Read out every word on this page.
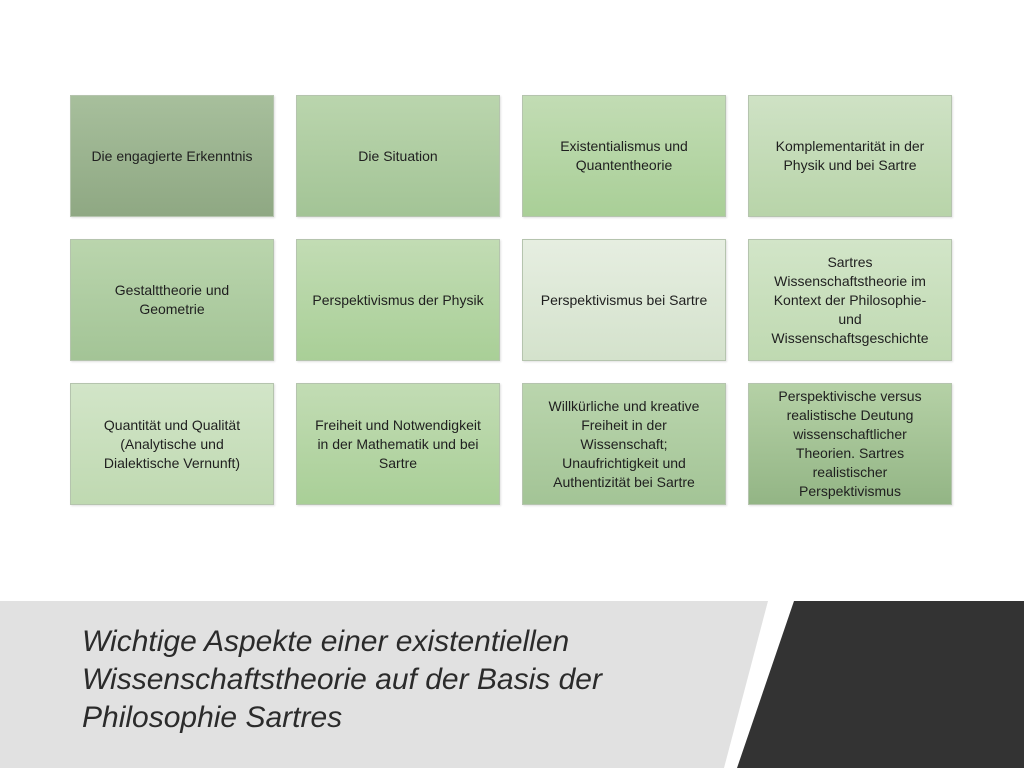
Die engagierte Erkenntnis	Die Situation
Existentialismus und
Quantentheorie
Komplementarität in der
Physik und bei Sartre
Gestalttheorie und
Geometrie
Perspektivismus der Physik	Perspektivismus bei Sartre
Sartres
Wissenschaftstheorie im
Kontext der Philosophie-
und
Wissenschaftsgeschichte
Quantität und Qualität
(Analytische und
Dialektische Vernunft)
Freiheit und Notwendigkeit
in der Mathematik und bei
Sartre
Willkürliche und kreative
Freiheit in der
Wissenschaft;
Unaufrichtigkeit und
Authentizität bei Sartre
Perspektivische versus
realistische Deutung
wissenschaftlicher
Theorien. Sartres
realistischer
Perspektivismus
Wichtige Aspekte einer existentiellen
Wissenschaftstheorie auf der Basis der
Philosophie Sartres
